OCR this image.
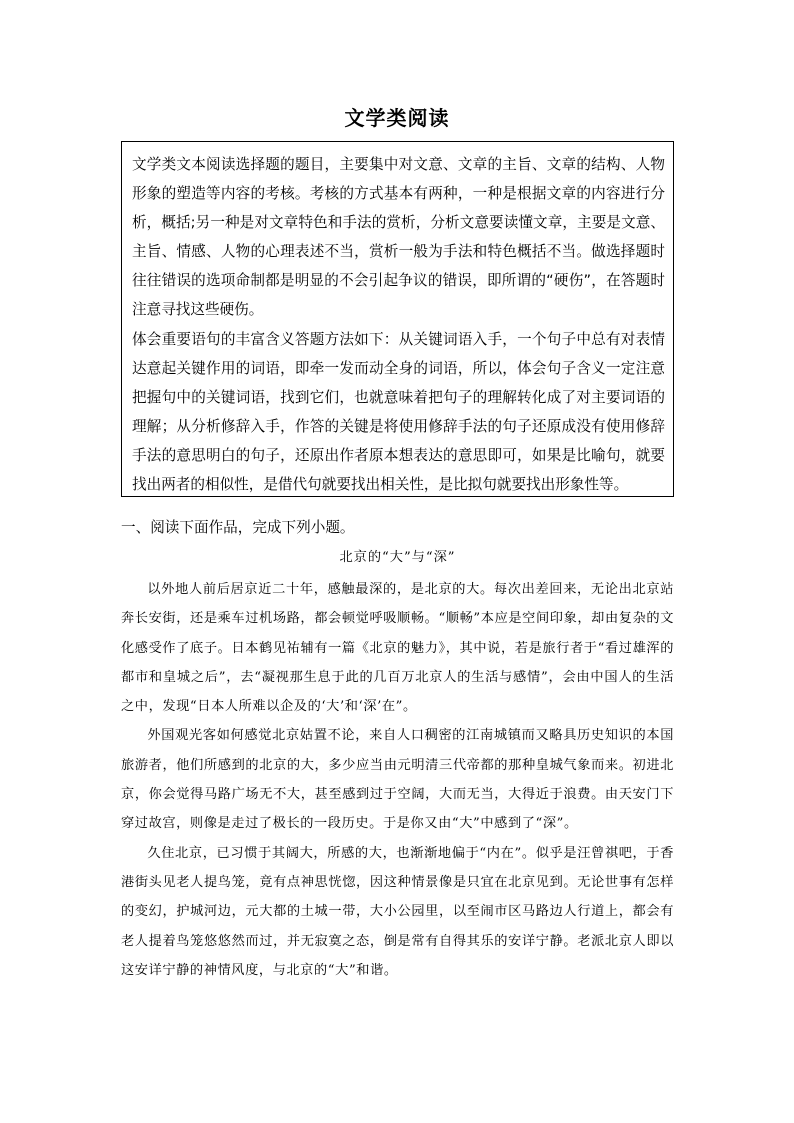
文学类阅读

文学类文本阅读选择题的题目，主要集中对文意、文章的主旨、文章的结构、人物形象的塑造等内容的考核。考核的方式基本有两种，一种是根据文章的内容进行分析，概括;另一种是对文章特色和手法的赏析，分析文意要读懂文章，主要是文意、主旨、情感、人物的心理表述不当，赏析一般为手法和特色概括不当。做选择题时往往错误的选项命制都是明显的不会引起争议的错误，即所谓的“硬伤”，在答题时注意寻找这些硬伤。

体会重要语句的丰富含义答题方法如下：从关键词语入手，一个句子中总有对表情达意起关键作用的词语，即牵一发而动全身的词语，所以，体会句子含义一定注意把握句中的关键词语，找到它们，也就意味着把句子的理解转化成了对主要词语的理解；从分析修辞入手，作答的关键是将使用修辞手法的句子还原成没有使用修辞手法的意思明白的句子，还原出作者原本想表达的意思即可，如果是比喻句，就要找出两者的相似性，是借代句就要找出相关性，是比拟句就要找出形象性等。

一、阅读下面作品，完成下列小题。
北京的“大”与“深”

以外地人前后居京近二十年，感触最深的，是北京的大。每次出差回来，无论出北京站奔长安街，还是乘车过机场路，都会顿觉呼吸顺畅。“顺畅”本应是空间印象，却由复杂的文化感受作了底子。日本鹤见祐辅有一篇《北京的魅力》，其中说，若是旅行者于“看过雄浑的都市和皇城之后”，去“凝视那生息于此的几百万北京人的生活与感情”，会由中国人的生活之中，发现“日本人所难以企及的‘大’和‘深’在”。

外国观光客如何感觉北京姑置不论，来自人口稠密的江南城镇而又略具历史知识的本国旅游者，他们所感到的北京的大，多少应当由元明清三代帝都的那种皇城气象而来。初进北京，你会觉得马路广场无不大，甚至感到过于空阔，大而无当，大得近于浪费。由天安门下穿过故宫，则像是走过了极长的一段历史。于是你又由“大”中感到了“深”。

久住北京，已习惯于其阔大，所感的大，也渐渐地偏于“内在”。似乎是汪曾祺吧，于香港街头见老人提鸟笼，竟有点神思恍惚，因这种情景像是只宜在北京见到。无论世事有怎样的变幻，护城河边，元大都的土城一带，大小公园里，以至闹市区马路边人行道上，都会有老人提着鸟笼悠悠然而过，并无寂寞之态，倒是常有自得其乐的安详宁静。老派北京人即以这安详宁静的神情风度，与北京的“大”和谐。
